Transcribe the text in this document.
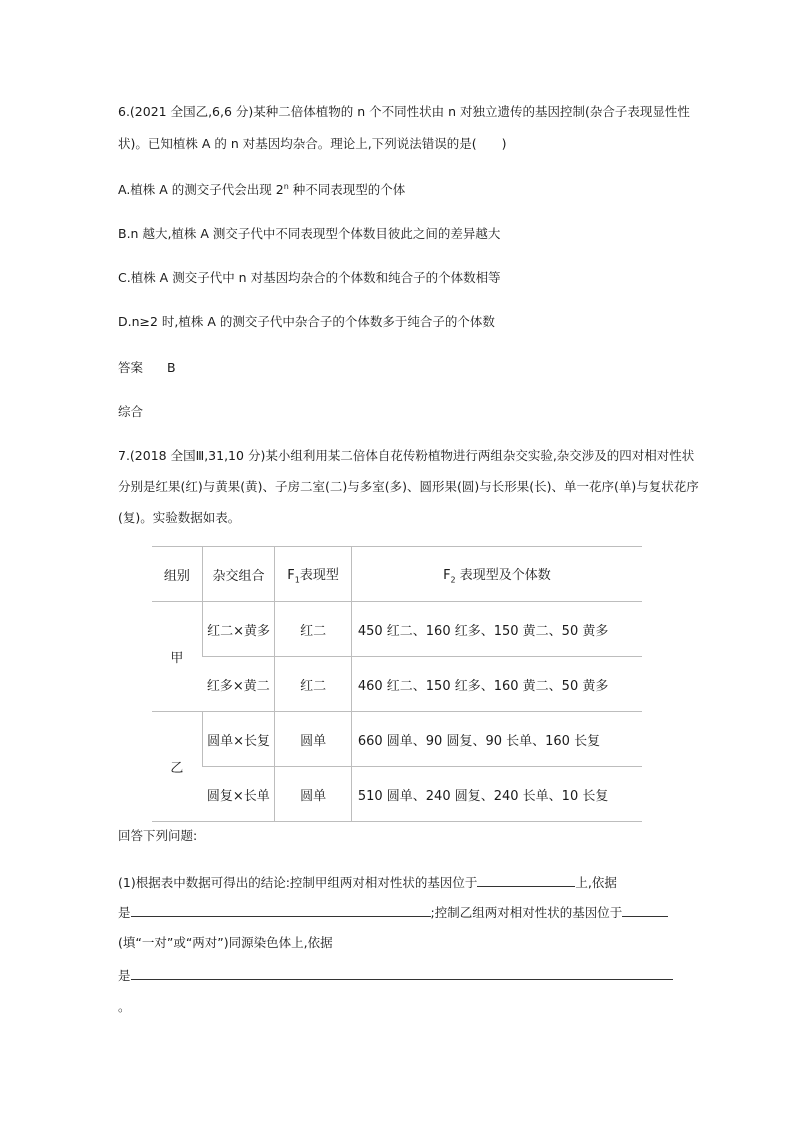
6.(2021 全国乙,6,6 分)某种二倍体植物的 n 个不同性状由 n 对独立遗传的基因控制(杂合子表现显性性
状)。已知植株 A 的 n 对基因均杂合。理论上,下列说法错误的是(　　)
A.植株 A 的测交子代会出现 2$^n$ 种不同表现型的个体
B.n 越大,植株 A 测交子代中不同表现型个体数目彼此之间的差异越大
C.植株 A 测交子代中 n 对基因均杂合的个体数和纯合子的个体数相等
D.n≥2 时,植株 A 的测交子代中杂合子的个体数多于纯合子的个体数
答案 B
综合
7.(2018 全国Ⅲ,31,10 分)某小组利用某二倍体自花传粉植物进行两组杂交实验,杂交涉及的四对相对性状
分别是红果(红)与黄果(黄)、子房二室(二)与多室(多)、圆形果(圆)与长形果(长)、单一花序(单)与复状花序
(复)。实验数据如表。
组别	杂交组合	$F_1$表现型	$F_2$ 表现型及个体数
甲	红二×黄多	红二	450 红二、160 红多、150 黄二、50 黄多
	红多×黄二	红二	460 红二、150 红多、160 黄二、50 黄多
乙	圆单×长复	圆单	660 圆单、90 圆复、90 长单、160 长复
	圆复×长单	圆单	510 圆单、240 圆复、240 长单、10 长复
回答下列问题:
(1)根据表中数据可得出的结论:控制甲组两对相对性状的基因位于	上,依据
是	;控制乙组两对相对性状的基因位于
(填“一对”或“两对”)同源染色体上,依据
是
。
